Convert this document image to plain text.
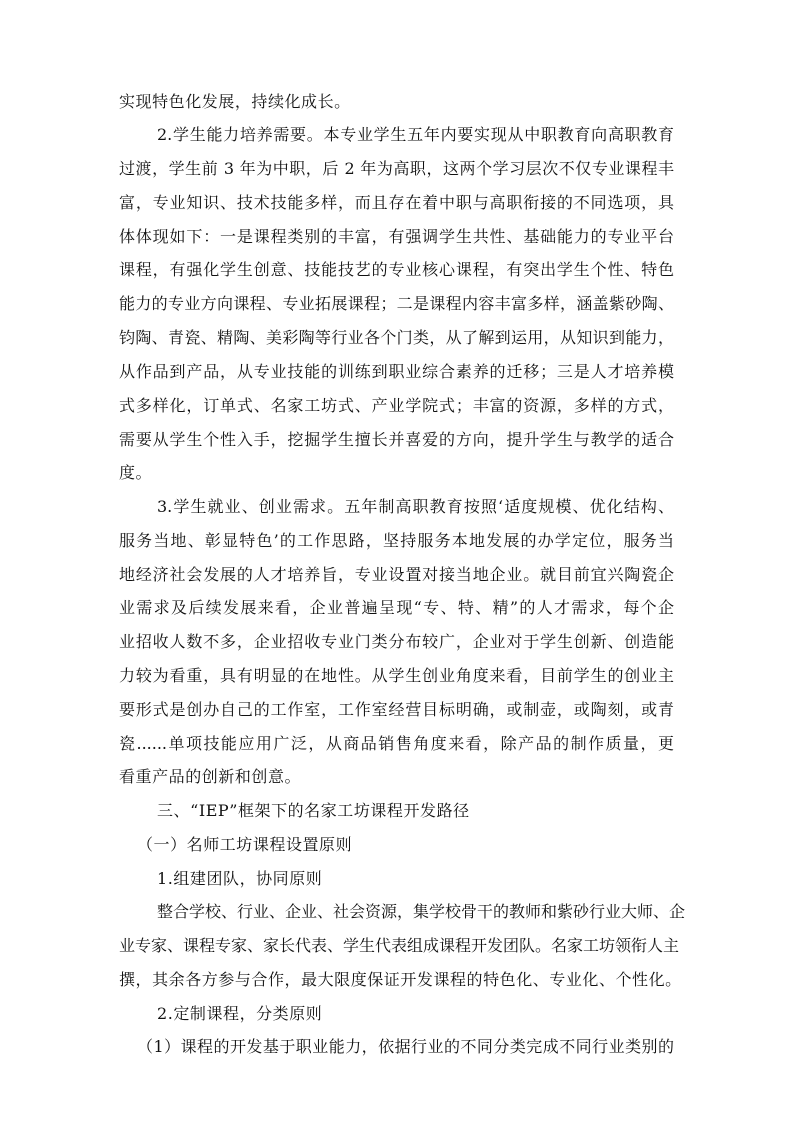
实现特色化发展，持续化成长。
2.学生能力培养需要。本专业学生五年内要实现从中职教育向高职教育
过渡，学生前 3 年为中职，后 2 年为高职，这两个学习层次不仅专业课程丰
富，专业知识、技术技能多样，而且存在着中职与高职衔接的不同选项，具
体体现如下：一是课程类别的丰富，有强调学生共性、基础能力的专业平台
课程，有强化学生创意、技能技艺的专业核心课程，有突出学生个性、特色
能力的专业方向课程、专业拓展课程；二是课程内容丰富多样，涵盖紫砂陶、
钧陶、青瓷、精陶、美彩陶等行业各个门类，从了解到运用，从知识到能力，
从作品到产品，从专业技能的训练到职业综合素养的迁移；三是人才培养模
式多样化，订单式、名家工坊式、产业学院式；丰富的资源，多样的方式，
需要从学生个性入手，挖掘学生擅长并喜爱的方向，提升学生与教学的适合
度。
3.学生就业、创业需求。五年制高职教育按照‘适度规模、优化结构、
服务当地、彰显特色’的工作思路，坚持服务本地发展的办学定位，服务当
地经济社会发展的人才培养旨，专业设置对接当地企业。就目前宜兴陶瓷企
业需求及后续发展来看，企业普遍呈现“专、特、精”的人才需求，每个企
业招收人数不多，企业招收专业门类分布较广，企业对于学生创新、创造能
力较为看重，具有明显的在地性。从学生创业角度来看，目前学生的创业主
要形式是创办自己的工作室，工作室经营目标明确，或制壶，或陶刻，或青
瓷......单项技能应用广泛，从商品销售角度来看，除产品的制作质量，更
看重产品的创新和创意。
三、“IEP”框架下的名家工坊课程开发路径
（一）名师工坊课程设置原则
1.组建团队，协同原则
整合学校、行业、企业、社会资源，集学校骨干的教师和紫砂行业大师、企
业专家、课程专家、家长代表、学生代表组成课程开发团队。名家工坊领衔人主
撰，其余各方参与合作，最大限度保证开发课程的特色化、专业化、个性化。
2.定制课程，分类原则
（1）课程的开发基于职业能力，依据行业的不同分类完成不同行业类别的
